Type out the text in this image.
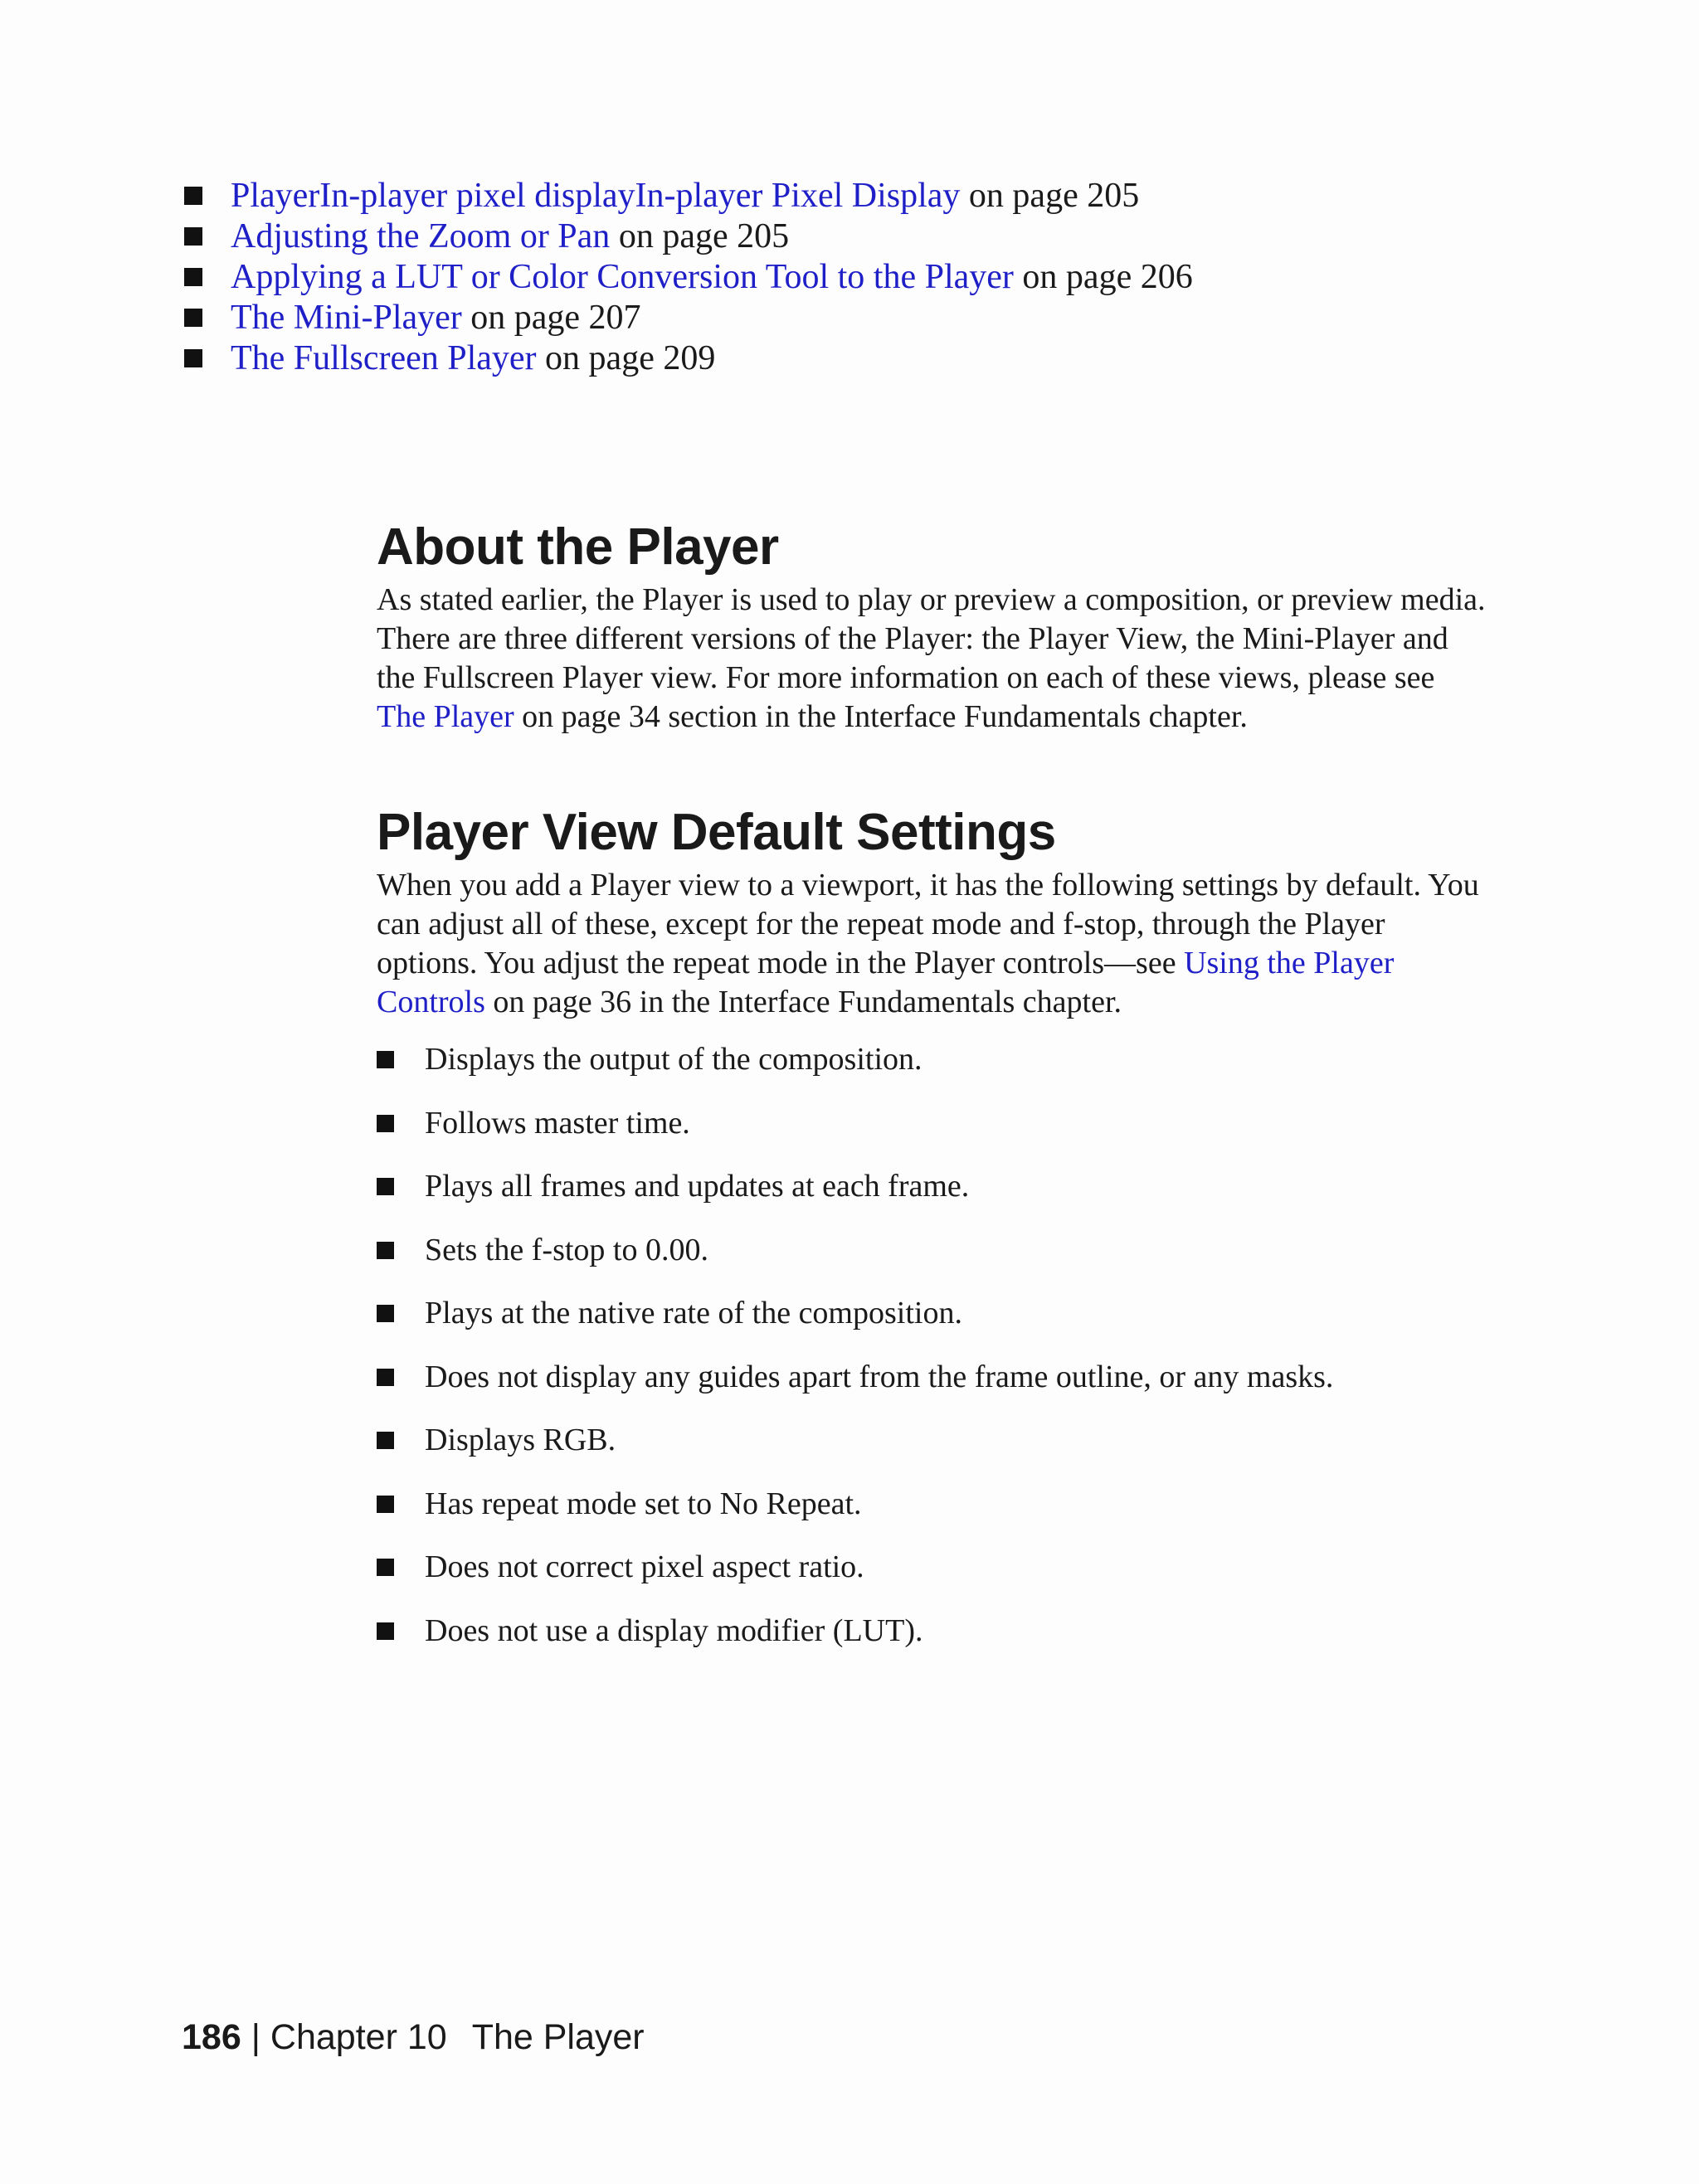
PlayerIn-player pixel displayIn-player Pixel Display on page 205
Adjusting the Zoom or Pan on page 205
Applying a LUT or Color Conversion Tool to the Player on page 206
The Mini-Player on page 207
The Fullscreen Player on page 209
About the Player

As stated earlier, the Player is used to play or preview a composition, or preview media. There are three different versions of the Player: the Player View, the Mini-Player and the Fullscreen Player view. For more information on each of these views, please see The Player on page 34 section in the Interface Fundamentals chapter.

Player View Default Settings

When you add a Player view to a viewport, it has the following settings by default. You can adjust all of these, except for the repeat mode and f-stop, through the Player options. You adjust the repeat mode in the Player controls—see Using the Player Controls on page 36 in the Interface Fundamentals chapter.

Displays the output of the composition.
Follows master time.
Plays all frames and updates at each frame.
Sets the f-stop to 0.00.
Plays at the native rate of the composition.
Does not display any guides apart from the frame outline, or any masks.
Displays RGB.
Has repeat mode set to No Repeat.
Does not correct pixel aspect ratio.
Does not use a display modifier (LUT).
186 | Chapter 10 The Player
